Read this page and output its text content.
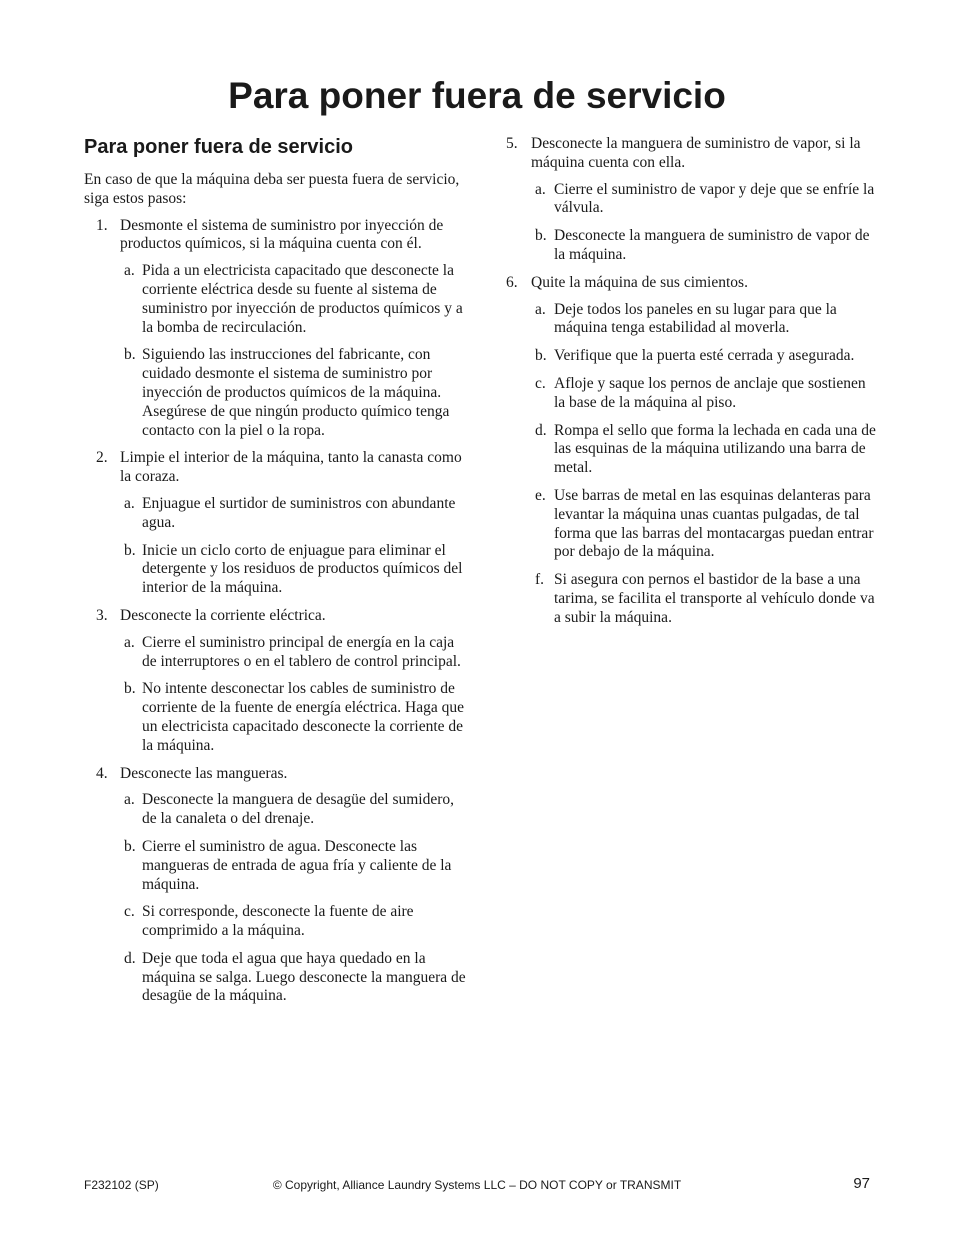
Para poner fuera de servicio
Para poner fuera de servicio

En caso de que la máquina deba ser puesta fuera de servicio, siga estos pasos:

1. Desmonte el sistema de suministro por inyección de productos químicos, si la máquina cuenta con él.
a. Pida a un electricista capacitado que desconecte la corriente eléctrica desde su fuente al sistema de suministro por inyección de productos químicos y a la bomba de recirculación.
b. Siguiendo las instrucciones del fabricante, con cuidado desmonte el sistema de suministro por inyección de productos químicos de la máquina. Asegúrese de que ningún producto químico tenga contacto con la piel o la ropa.
2. Limpie el interior de la máquina, tanto la canasta como la coraza.
a. Enjuague el surtidor de suministros con abundante agua.
b. Inicie un ciclo corto de enjuague para eliminar el detergente y los residuos de productos químicos del interior de la máquina.
3. Desconecte la corriente eléctrica.
a. Cierre el suministro principal de energía en la caja de interruptores o en el tablero de control principal.
b. No intente desconectar los cables de suministro de corriente de la fuente de energía eléctrica. Haga que un electricista capacitado desconecte la corriente de la máquina.
4. Desconecte las mangueras.
a. Desconecte la manguera de desagüe del sumidero, de la canaleta o del drenaje.
b. Cierre el suministro de agua. Desconecte las mangueras de entrada de agua fría y caliente de la máquina.
c. Si corresponde, desconecte la fuente de aire comprimido a la máquina.
d. Deje que toda el agua que haya quedado en la máquina se salga. Luego desconecte la manguera de desagüe de la máquina.
5. Desconecte la manguera de suministro de vapor, si la máquina cuenta con ella.
a. Cierre el suministro de vapor y deje que se enfríe la válvula.
b. Desconecte la manguera de suministro de vapor de la máquina.
6. Quite la máquina de sus cimientos.
a. Deje todos los paneles en su lugar para que la máquina tenga estabilidad al moverla.
b. Verifique que la puerta esté cerrada y asegurada.
c. Afloje y saque los pernos de anclaje que sostienen la base de la máquina al piso.
d. Rompa el sello que forma la lechada en cada una de las esquinas de la máquina utilizando una barra de metal.
e. Use barras de metal en las esquinas delanteras para levantar la máquina unas cuantas pulgadas, de tal forma que las barras del montacargas puedan entrar por debajo de la máquina.
f. Si asegura con pernos el bastidor de la base a una tarima, se facilita el transporte al vehículo donde va a subir la máquina.
F232102 (SP)	© Copyright, Alliance Laundry Systems LLC – DO NOT COPY or TRANSMIT	97
